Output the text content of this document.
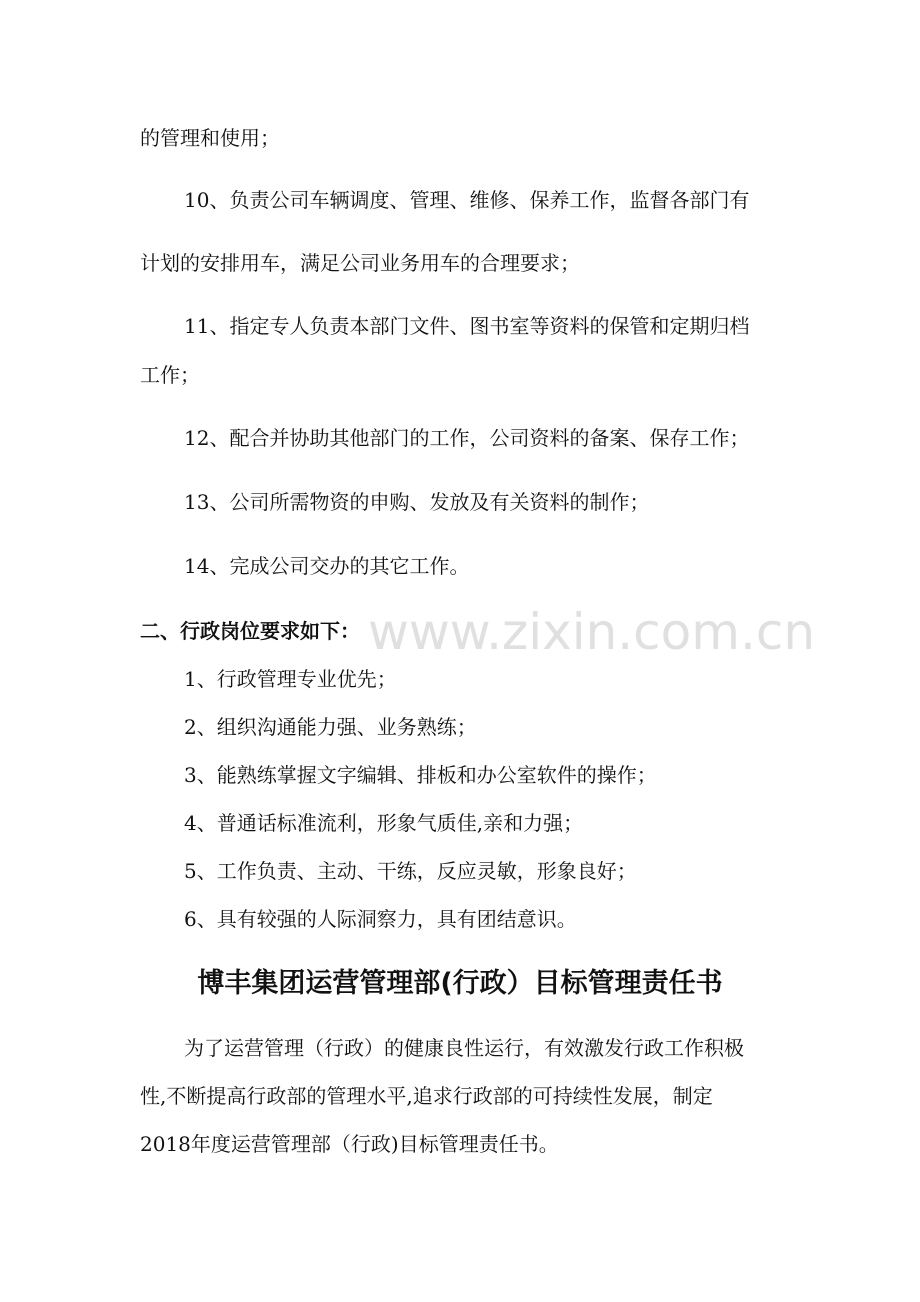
www.zixin.com.cn
的管理和使用；
10、负责公司车辆调度、管理、维修、保养工作，监督各部门有
计划的安排用车，满足公司业务用车的合理要求；
11、指定专人负责本部门文件、图书室等资料的保管和定期归档
工作；
12、配合并协助其他部门的工作，公司资料的备案、保存工作；
13、公司所需物资的申购、发放及有关资料的制作；
14、完成公司交办的其它工作。
二、行政岗位要求如下：
1、行政管理专业优先；
2、组织沟通能力强、业务熟练；
3、能熟练掌握文字编辑、排板和办公室软件的操作；
4、普通话标准流利，形象气质佳,亲和力强；
5、工作负责、主动、干练，反应灵敏，形象良好；
6、具有较强的人际洞察力，具有团结意识。
博丰集团运营管理部(行政）目标管理责任书
为了运营管理（行政）的健康良性运行，有效激发行政工作积极
性,不断提高行政部的管理水平,追求行政部的可持续性发展，制定
2018年度运营管理部（行政)目标管理责任书。
